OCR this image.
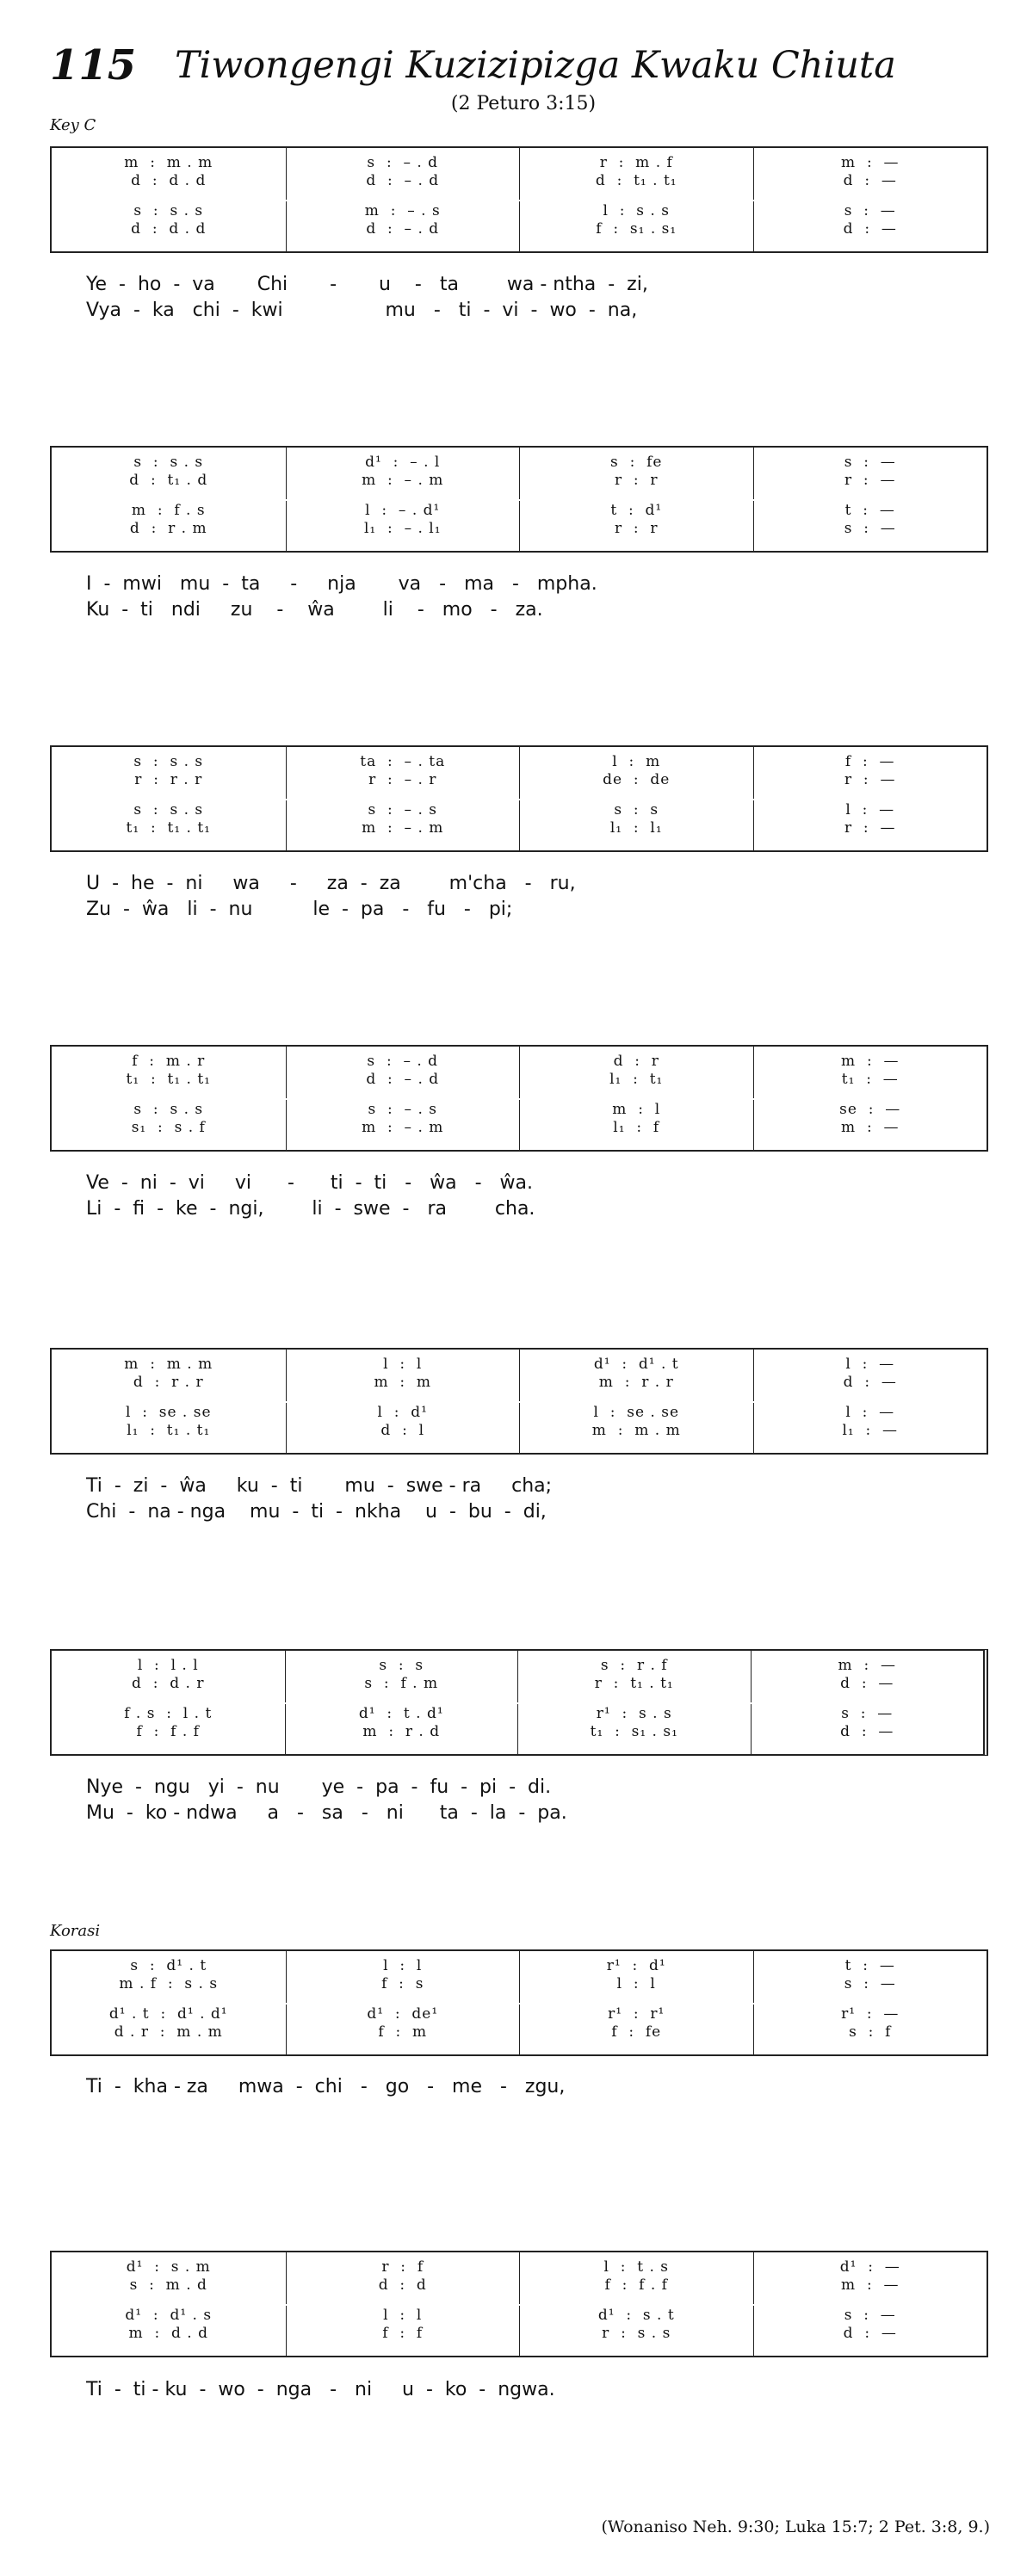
115 Tiwongengi Kuzizipizga Kwaku Chiuta
(2 Peturo 3:15)
Key C
Korasi
m  :  m . m
d  :  d . d
s  :  s . s
d  :  d . d
s  :  – . d
d  :  – . d
m  :  – . s
d  :  – . d
r  :  m . f
d  :  t₁ . t₁
l  :  s . s
f  :  s₁ . s₁
m  :  —
d  :  —
s  :  —
d  :  —
Ye  -  ho  -  va       Chi       -       u    -   ta        wa - ntha  -  zi,
Vya  -  ka   chi  -  kwi                 mu   -   ti  -  vi  -  wo  -  na,
s  :  s . s
d  :  t₁ . d
m  :  f . s
d  :  r . m
d¹  :  – . l
m  :  – . m
l  :  – . d¹
l₁  :  – . l₁
s  :  fe
r  :  r
t  :  d¹
r  :  r
s  :  —
r  :  —
t  :  —
s  :  —
I  -  mwi   mu  -  ta     -     nja       va   -   ma   -   mpha.
Ku  -  ti   ndi     zu    -    ŵa        li    -   mo   -   za.
s  :  s . s
r  :  r . r
s  :  s . s
t₁  :  t₁ . t₁
ta  :  – . ta
r  :  – . r
s  :  – . s
m  :  – . m
l  :  m
de  :  de
s  :  s
l₁  :  l₁
f  :  —
r  :  —
l  :  —
r  :  —
U  -  he  -  ni     wa     -     za  -  za        m'cha   -   ru,
Zu  -  ŵa   li  -  nu          le  -  pa   -   fu   -   pi;
f  :  m . r
t₁  :  t₁ . t₁
s  :  s . s
s₁  :  s . f
s  :  – . d
d  :  – . d
s  :  – . s
m  :  – . m
d  :  r
l₁  :  t₁
m  :  l
l₁  :  f
m  :  —
t₁  :  —
se  :  —
m  :  —
Ve  -  ni  -  vi     vi      -      ti  -  ti   -   ŵa   -   ŵa.
Li  -  fi  -  ke  -  ngi,        li  -  swe  -   ra        cha.
m  :  m . m
d  :  r . r
l  :  se . se
l₁  :  t₁ . t₁
l  :  l
m  :  m
l  :  d¹
d  :  l
d¹  :  d¹ . t
m  :  r . r
l  :  se . se
m  :  m . m
l  :  —
d  :  —
l  :  —
l₁  :  —
Ti  -  zi  -  ŵa     ku  -  ti       mu  -  swe - ra     cha;
Chi  -  na - nga    mu  -  ti  -  nkha    u  -  bu  -  di,
l  :  l . l
d  :  d . r
f . s  :  l . t
f  :  f . f
s  :  s
s  :  f . m
d¹  :  t . d¹
m  :  r . d
s  :  r . f
r  :  t₁ . t₁
r¹  :  s . s
t₁  :  s₁ . s₁
m  :  —
d  :  —
s  :  —
d  :  —
Nye  -  ngu   yi  -  nu       ye  -  pa  -  fu  -  pi  -  di.
Mu  -  ko - ndwa     a   -   sa   -   ni      ta  -  la  -  pa.
s  :  d¹ . t
m . f  :  s . s
d¹ . t  :  d¹ . d¹
d . r  :  m . m
l  :  l
f  :  s
d¹  :  de¹
f  :  m
r¹  :  d¹
l  :  l
r¹  :  r¹
f  :  fe
t  :  —
s  :  —
r¹  :  —
s  :  f
Ti  -  kha - za     mwa  -  chi   -   go   -   me   -   zgu,
d¹  :  s . m
s  :  m . d
d¹  :  d¹ . s
m  :  d . d
r  :  f
d  :  d
l  :  l
f  :  f
l  :  t . s
f  :  f . f
d¹  :  s . t
r  :  s . s
d¹  :  —
m  :  —
s  :  —
d  :  —
Ti  -  ti - ku  -  wo  -  nga   -   ni     u  -  ko  -  ngwa.
(Wonaniso Neh. 9:30; Luka 15:7; 2 Pet. 3:8, 9.)
